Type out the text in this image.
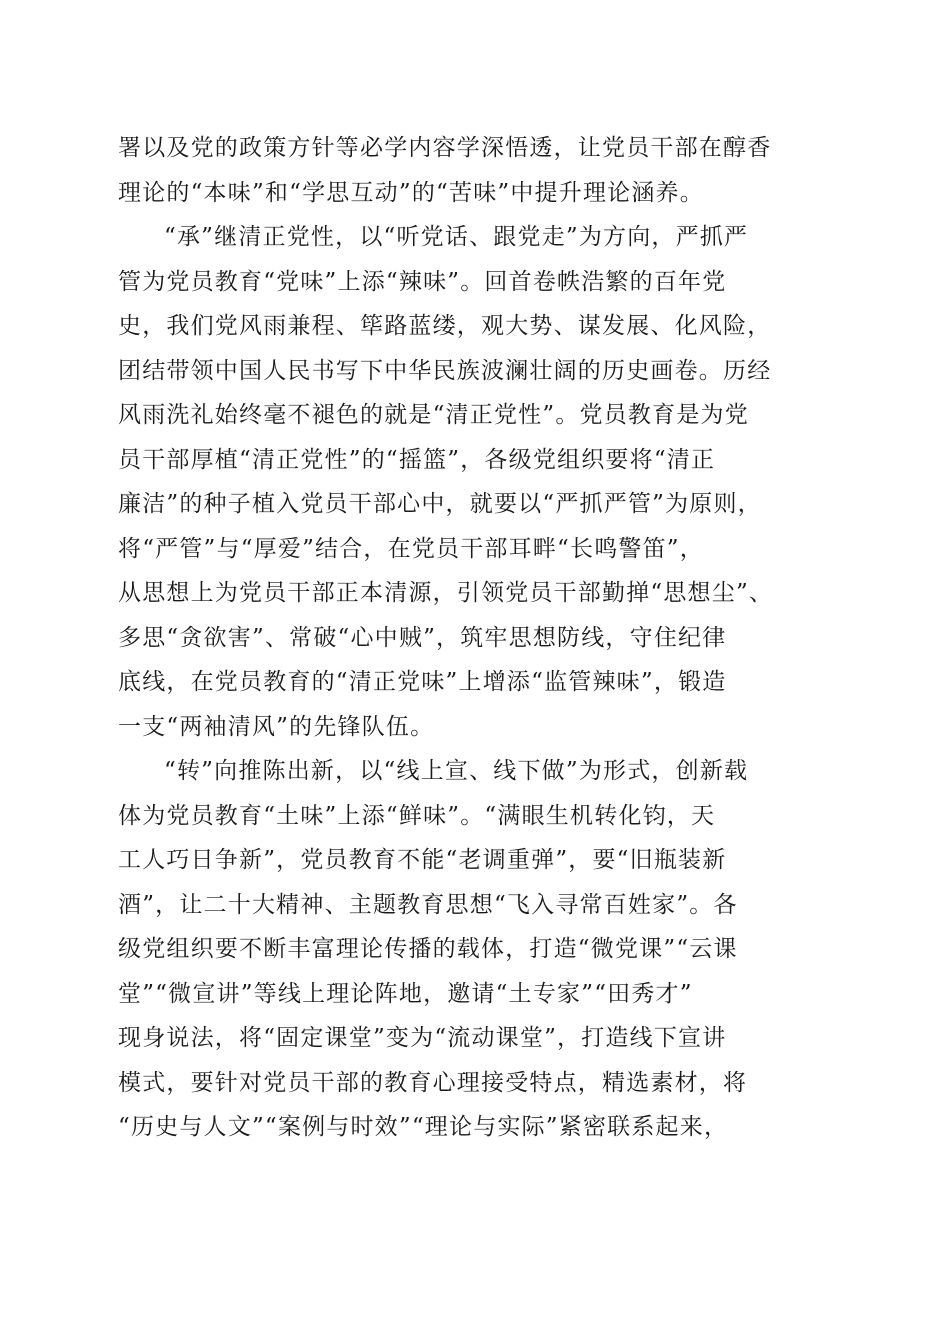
署以及党的政策方针等必学内容学深悟透，让党员干部在醇香
理论的“本味”和“学思互动”的“苦味”中提升理论涵养。
“承”继清正党性，以“听党话、跟党走”为方向，严抓严
管为党员教育“党味”上添“辣味”。回首卷帙浩繁的百年党
史，我们党风雨兼程、筚路蓝缕，观大势、谋发展、化风险，
团结带领中国人民书写下中华民族波澜壮阔的历史画卷。历经
风雨洗礼始终毫不褪色的就是“清正党性”。党员教育是为党
员干部厚植“清正党性”的“摇篮”，各级党组织要将“清正
廉洁”的种子植入党员干部心中，就要以“严抓严管”为原则，
将“严管”与“厚爱”结合，在党员干部耳畔“长鸣警笛”，
从思想上为党员干部正本清源，引领党员干部勤掸“思想尘”、
多思“贪欲害”、常破“心中贼”，筑牢思想防线，守住纪律
底线，在党员教育的“清正党味”上增添“监管辣味”，锻造
一支“两袖清风”的先锋队伍。
“转”向推陈出新，以“线上宣、线下做”为形式，创新载
体为党员教育“土味”上添“鲜味”。“满眼生机转化钧，天
工人巧日争新”，党员教育不能“老调重弹”，要“旧瓶装新
酒”，让二十大精神、主题教育思想“飞入寻常百姓家”。各
级党组织要不断丰富理论传播的载体，打造“微党课”“云课
堂”“微宣讲”等线上理论阵地，邀请“土专家”“田秀才”
现身说法，将“固定课堂”变为“流动课堂”，打造线下宣讲
模式，要针对党员干部的教育心理接受特点，精选素材，将
“历史与人文”“案例与时效”“理论与实际”紧密联系起来，
